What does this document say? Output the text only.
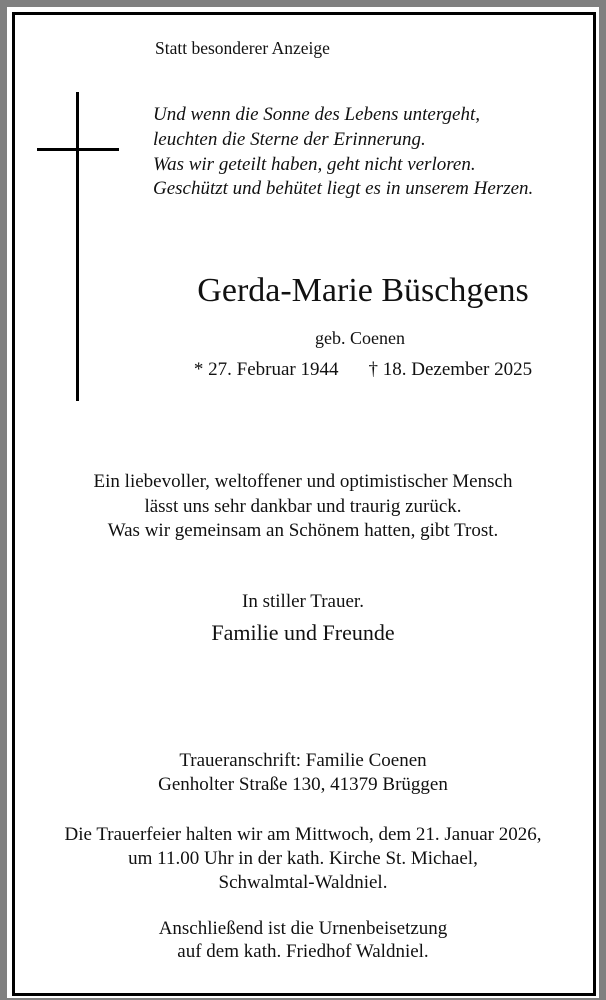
Statt besonderer Anzeige
Und wenn die Sonne des Lebens untergeht,
leuchten die Sterne der Erinnerung.
Was wir geteilt haben, geht nicht verloren.
Geschützt und behütet liegt es in unserem Herzen.
Gerda-Marie Büschgens
geb. Coenen
* 27. Februar 1944 † 18. Dezember 2025
Ein liebevoller, weltoffener und optimistischer Mensch
lässt uns sehr dankbar und traurig zurück.
Was wir gemeinsam an Schönem hatten, gibt Trost.
In stiller Trauer.
Familie und Freunde
Traueranschrift: Familie Coenen
Genholter Straße 130, 41379 Brüggen
Die Trauerfeier halten wir am Mittwoch, dem 21. Januar 2026,
um 11.00 Uhr in der kath. Kirche St. Michael,
Schwalmtal-Waldniel.
Anschließend ist die Urnenbeisetzung
auf dem kath. Friedhof Waldniel.
